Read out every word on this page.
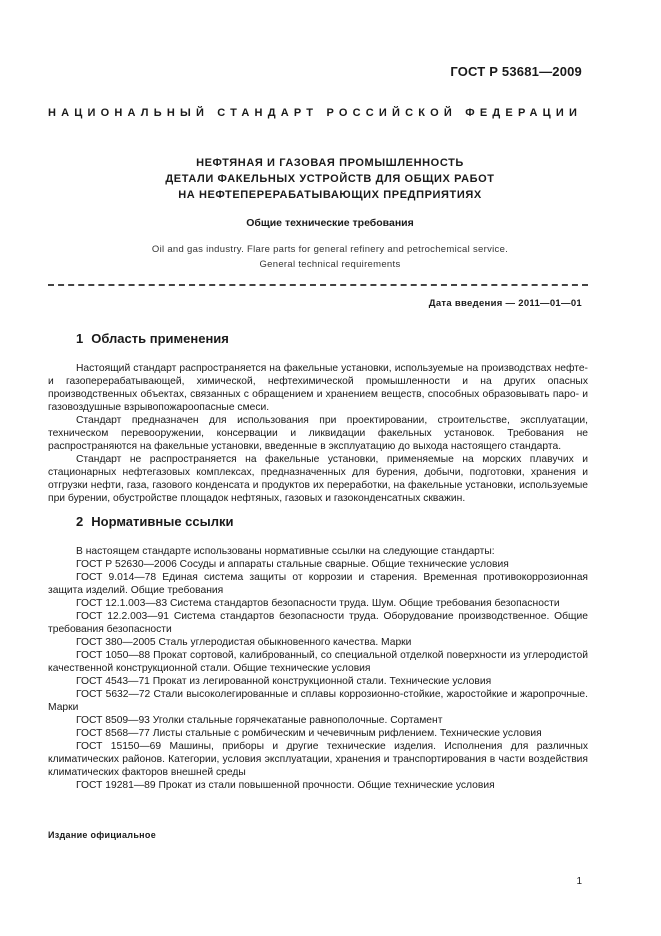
ГОСТ Р 53681—2009
НАЦИОНАЛЬНЫЙ СТАНДАРТ РОССИЙСКОЙ ФЕДЕРАЦИИ
НЕФТЯНАЯ И ГАЗОВАЯ ПРОМЫШЛЕННОСТЬ
ДЕТАЛИ ФАКЕЛЬНЫХ УСТРОЙСТВ ДЛЯ ОБЩИХ РАБОТ
НА НЕФТЕПЕРЕРАБАТЫВАЮЩИХ ПРЕДПРИЯТИЯХ
Общие технические требования
Oil and gas industry. Flare parts for general refinery and petrochemical service.
General technical requirements
Дата введения — 2011—01—01
1 Область применения

Настоящий стандарт распространяется на факельные установки, используемые на производствах нефте- и газоперерабатывающей, химической, нефтехимической промышленности и на других опасных производственных объектах, связанных с обращением и хранением веществ, способных образовывать паро- и газовоздушные взрывопожароопасные смеси.

Стандарт предназначен для использования при проектировании, строительстве, эксплуатации, техническом перевооружении, консервации и ликвидации факельных установок. Требования не распространяются на факельные установки, введенные в эксплуатацию до выхода настоящего стандарта.

Стандарт не распространяется на факельные установки, применяемые на морских плавучих и стационарных нефтегазовых комплексах, предназначенных для бурения, добычи, подготовки, хранения и отгрузки нефти, газа, газового конденсата и продуктов их переработки, на факельные установки, используемые при бурении, обустройстве площадок нефтяных, газовых и газоконденсатных скважин.

2 Нормативные ссылки

В настоящем стандарте использованы нормативные ссылки на следующие стандарты:

ГОСТ Р 52630—2006 Сосуды и аппараты стальные сварные. Общие технические условия

ГОСТ 9.014—78 Единая система защиты от коррозии и старения. Временная противокоррозионная защита изделий. Общие требования

ГОСТ 12.1.003—83 Система стандартов безопасности труда. Шум. Общие требования безопасности

ГОСТ 12.2.003—91 Система стандартов безопасности труда. Оборудование производственное. Общие требования безопасности

ГОСТ 380—2005 Сталь углеродистая обыкновенного качества. Марки

ГОСТ 1050—88 Прокат сортовой, калиброванный, со специальной отделкой поверхности из углеродистой качественной конструкционной стали. Общие технические условия

ГОСТ 4543—71 Прокат из легированной конструкционной стали. Технические условия

ГОСТ 5632—72 Стали высоколегированные и сплавы коррозионно-стойкие, жаростойкие и жаропрочные. Марки

ГОСТ 8509—93 Уголки стальные горячекатаные равнополочные. Сортамент

ГОСТ 8568—77 Листы стальные с ромбическим и чечевичным рифлением. Технические условия

ГОСТ 15150—69 Машины, приборы и другие технические изделия. Исполнения для различных климатических районов. Категории, условия эксплуатации, хранения и транспортирования в части воздействия климатических факторов внешней среды

ГОСТ 19281—89 Прокат из стали повышенной прочности. Общие технические условия

Издание официальное
1
